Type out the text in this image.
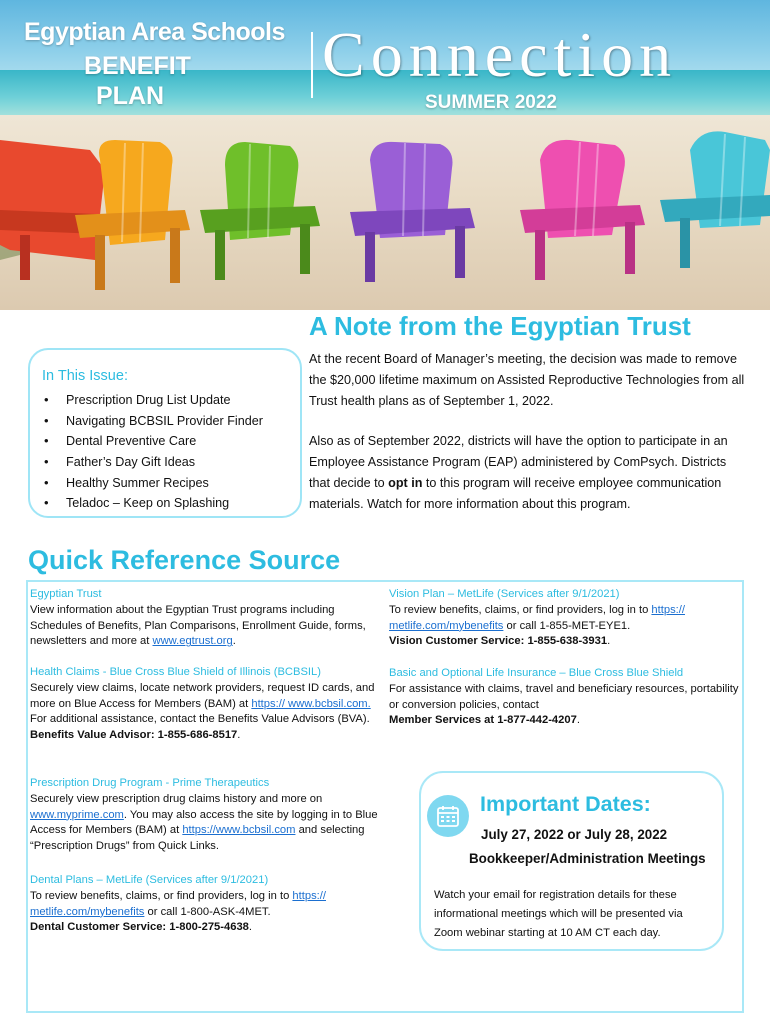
Egyptian Area Schools
BENEFIT
PLAN
Connection
SUMMER 2022
A Note from the Egyptian Trust
At the recent Board of Manager’s meeting, the decision was made to remove the $20,000 lifetime maximum on Assisted Reproductive Technologies from all Trust health plans as of September 1, 2022.
Also as of September 2022, districts will have the option to participate in an Employee Assistance Program (EAP) administered by ComPsych. Districts that decide to opt in to this program will receive employee communication materials. Watch for more information about this program.
In This Issue:
• Prescription Drug List Update
• Navigating BCBSIL Provider Finder
• Dental Preventive Care
• Father’s Day Gift Ideas
• Healthy Summer Recipes
• Teladoc – Keep on Splashing
Quick Reference Source
Egyptian Trust
View information about the Egyptian Trust programs including Schedules of Benefits, Plan Comparisons, Enrollment Guide, forms, newsletters and more at www.egtrust.org.
Health Claims - Blue Cross Blue Shield of Illinois (BCBSIL)
Securely view claims, locate network providers, request ID cards, and more on Blue Access for Members (BAM) at https:// www.bcbsil.com. For additional assistance, contact the Benefits Value Advisors (BVA).
Benefits Value Advisor: 1-855-686-8517.
Prescription Drug Program - Prime Therapeutics
Securely view prescription drug claims history and more on www.myprime.com. You may also access the site by logging in to Blue Access for Members (BAM) at https://www.bcbsil.com and selecting “Prescription Drugs” from Quick Links.
Dental Plans – MetLife (Services after 9/1/2021)
To review benefits, claims, or find providers, log in to https:// metlife.com/mybenefits or call 1-800-ASK-4MET.
Dental Customer Service: 1-800-275-4638.
Vision Plan – MetLife (Services after 9/1/2021)
To review benefits, claims, or find providers, log in to https:// metlife.com/mybenefits or call 1-855-MET-EYE1.
Vision Customer Service: 1-855-638-3931.
Basic and Optional Life Insurance – Blue Cross Blue Shield
For assistance with claims, travel and beneficiary resources, portability or conversion policies, contact
Member Services at 1-877-442-4207.
Important Dates:
July 27, 2022 or July 28, 2022
Bookkeeper/Administration Meetings
Watch your email for registration details for these informational meetings which will be presented via Zoom webinar starting at 10 AM CT each day.
